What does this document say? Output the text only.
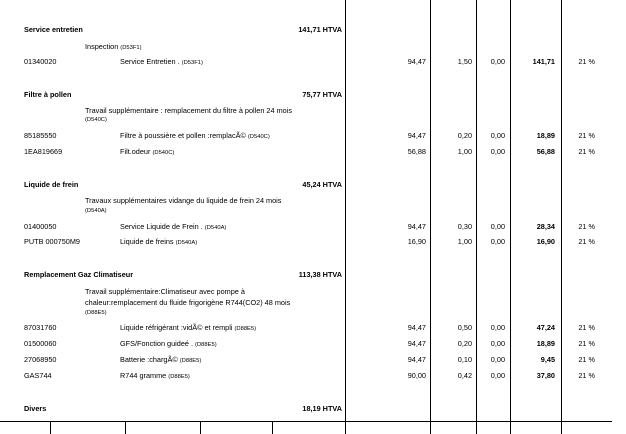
Service entretien	141,71 HTVA
Inspection (D53F1)
01340020	Service Entretien . (D53F1)	94,47	1,50	0,00	141,71	21 %
Filtre à pollen	75,77 HTVA
Travail supplémentaire : remplacement du filtre à pollen 24 mois
(D540C)
85185550	Filtre à poussière et pollen :remplacÃ© (D540C)	94,47	0,20	0,00	18,89	21 %
1EA819669	Filt.odeur (D540C)	56,88	1,00	0,00	56,88	21 %
Liquide de frein	45,24 HTVA
Travaux supplémentaires vidange du liquide de frein 24 mois
(D540A)
01400050	Service Liquide de Frein . (D540A)	94,47	0,30	0,00	28,34	21 %
PUTB 000750M9	Liquide de freins (D540A)	16,90	1,00	0,00	16,90	21 %
Remplacement Gaz Climatiseur	113,38 HTVA
Travail supplémentaire:Climatiseur avec pompe à
chaleur:remplacement du fluide frigorigène R744(CO2) 48 mois
(D88E5)
87031760	Liquide réfrigérant :vidÃ© et rempli (D88E5)	94,47	0,50	0,00	47,24	21 %
01500060	GFS/Fonction guideé . (D88E5)	94,47	0,20	0,00	18,89	21 %
27068950	Batterie :chargÃ© (D88E5)	94,47	0,10	0,00	9,45	21 %
GAS744	R744 gramme (D88E5)	90,00	0,42	0,00	37,80	21 %
Divers	18,19 HTVA
